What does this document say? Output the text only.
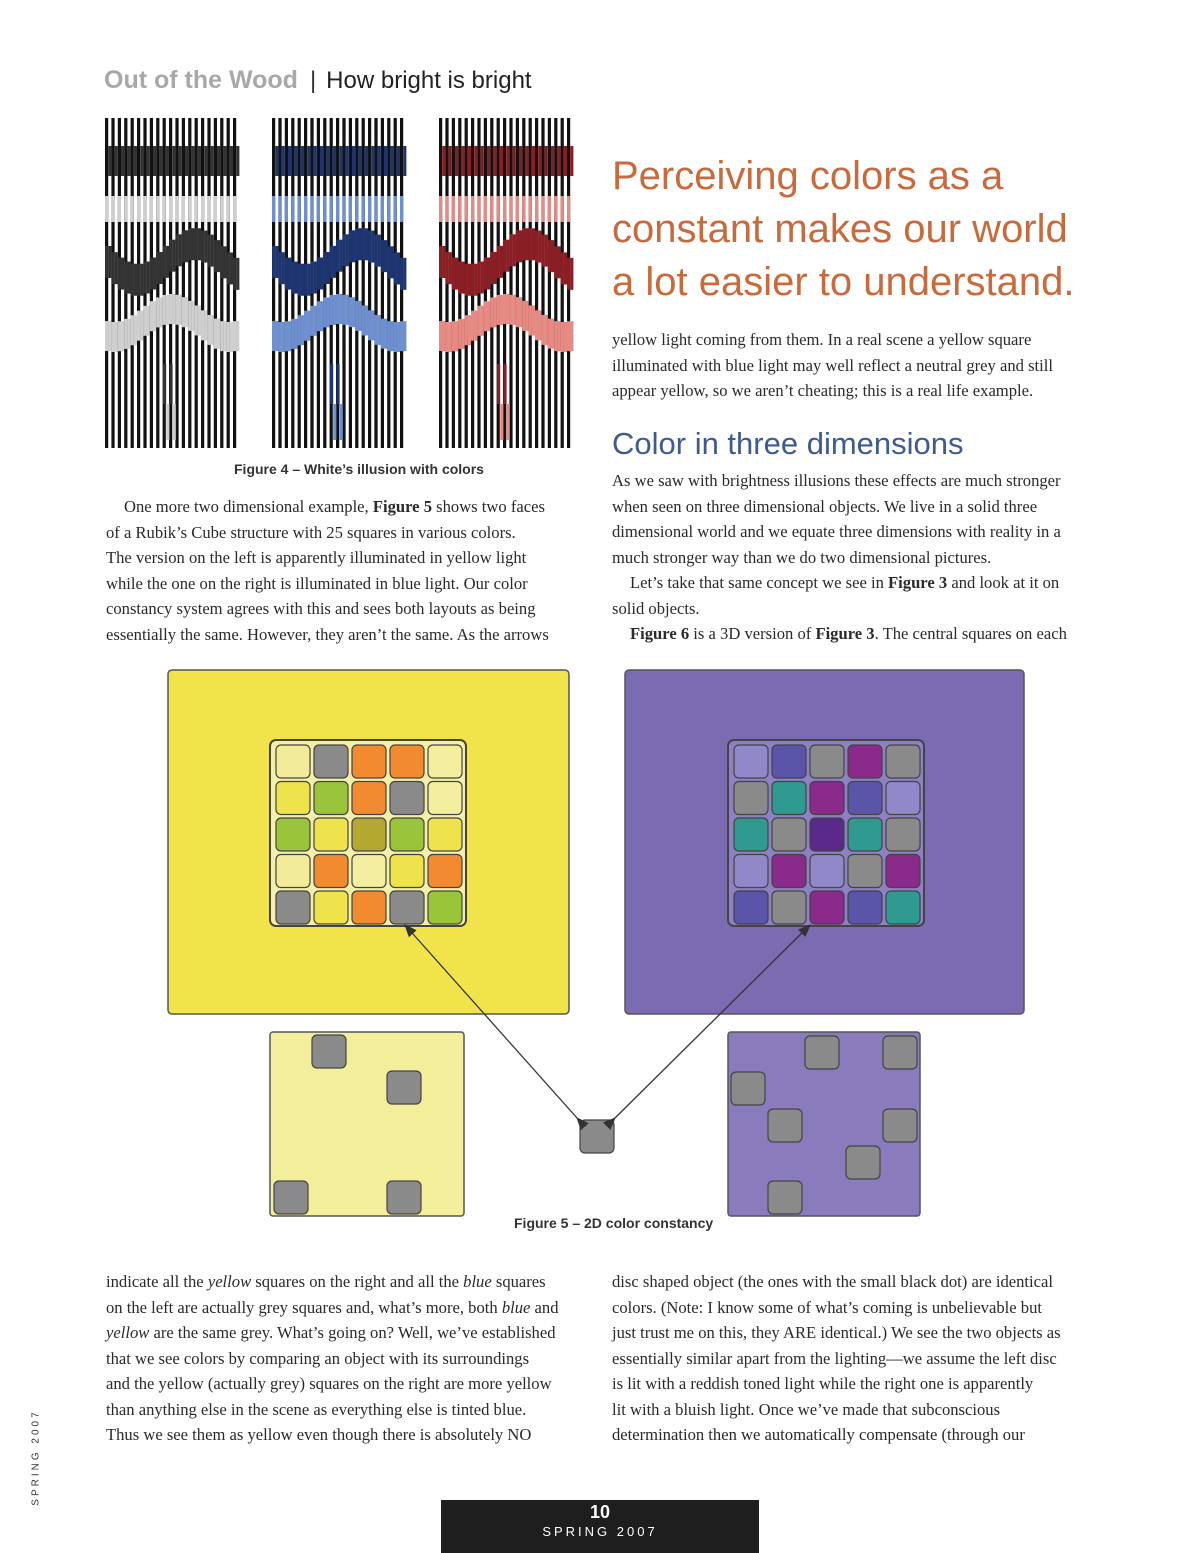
Out of the Wood | How bright is bright
Figure 4 – White’s illusion with colors
One more two dimensional example, Figure 5 shows two faces
of a Rubik’s Cube structure with 25 squares in various colors.
The version on the left is apparently illuminated in yellow light
while the one on the right is illuminated in blue light. Our color
constancy system agrees with this and sees both layouts as being
essentially the same. However, they aren’t the same. As the arrows
Perceiving colors as a
constant makes our world
a lot easier to understand.
yellow light coming from them. In a real scene a yellow square
illuminated with blue light may well reflect a neutral grey and still
appear yellow, so we aren’t cheating; this is a real life example.
Color in three dimensions
As we saw with brightness illusions these effects are much stronger
when seen on three dimensional objects. We live in a solid three
dimensional world and we equate three dimensions with reality in a
much stronger way than we do two dimensional pictures.
Let’s take that same concept we see in Figure 3 and look at it on
solid objects.
Figure 6 is a 3D version of Figure 3. The central squares on each
Figure 5 – 2D color constancy
indicate all the yellow squares on the right and all the blue squares
on the left are actually grey squares and, what’s more, both blue and
yellow are the same grey. What’s going on? Well, we’ve established
that we see colors by comparing an object with its surroundings
and the yellow (actually grey) squares on the right are more yellow
than anything else in the scene as everything else is tinted blue.
Thus we see them as yellow even though there is absolutely NO
disc shaped object (the ones with the small black dot) are identical
colors. (Note: I know some of what’s coming is unbelievable but
just trust me on this, they ARE identical.) We see the two objects as
essentially similar apart from the lighting—we assume the left disc
is lit with a reddish toned light while the right one is apparently
lit with a bluish light. Once we’ve made that subconscious
determination then we automatically compensate (through our
SPRING 2007
10
SPRING 2007
